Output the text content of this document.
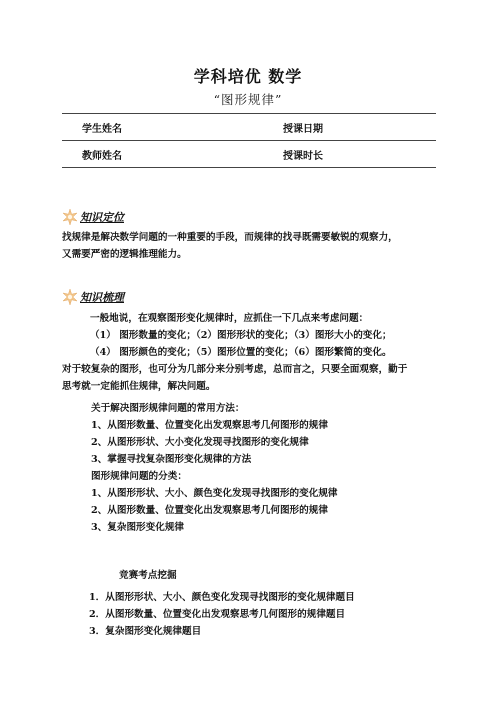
学科培优 数学
“图形规律”
学生姓名	授课日期
教师姓名	授课时长
知识定位
找规律是解决数学问题的一种重要的手段，而规律的找寻既需要敏锐的观察力，
又需要严密的逻辑推理能力。
知识梳理
一般地说，在观察图形变化规律时，应抓住一下几点来考虑问题：
（1） 图形数量的变化；（2）图形形状的变化；（3）图形大小的变化；
（4） 图形颜色的变化；（5）图形位置的变化；（6）图形繁简的变化。
对于较复杂的图形，也可分为几部分来分别考虑，总而言之，只要全面观察，勤于
思考就一定能抓住规律，解决问题。
关于解决图形规律问题的常用方法：
1、从图形数量、位置变化出发观察思考几何图形的规律
2、从图形形状、大小变化发现寻找图形的变化规律
3、掌握寻找复杂图形变化规律的方法
图形规律问题的分类：
1、从图形形状、大小、颜色变化发现寻找图形的变化规律
2、从图形数量、位置变化出发观察思考几何图形的规律
3、复杂图形变化规律
竞赛考点挖掘
1．从图形形状、大小、颜色变化发现寻找图形的变化规律题目
2．从图形数量、位置变化出发观察思考几何图形的规律题目
3．复杂图形变化规律题目
